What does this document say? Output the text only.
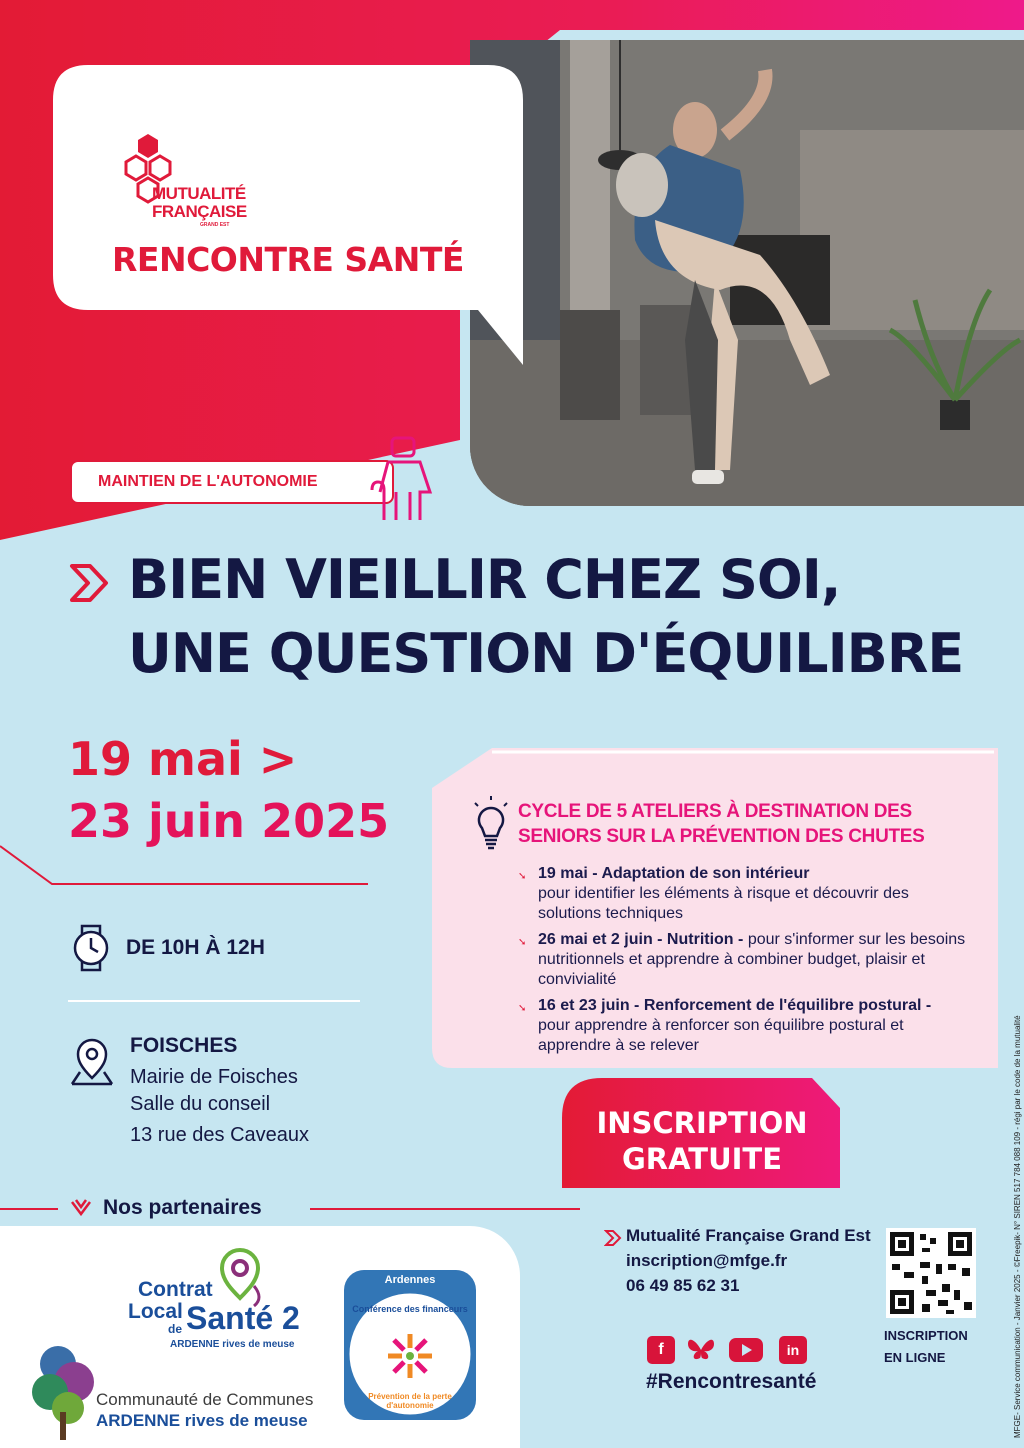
MUTUALITÉ
FRANÇAISE
GRAND EST
RENCONTRE SANTÉ
MAINTIEN DE L'AUTONOMIE
BIEN VIEILLIR CHEZ SOI,
UNE QUESTION D'ÉQUILIBRE
19 mai >
23 juin 2025
DE 10H À 12H
FOISCHES
Mairie de Foisches
Salle du conseil
13 rue des Caveaux
CYCLE DE 5 ATELIERS À DESTINATION DES
SENIORS SUR LA PRÉVENTION DES CHUTES
➘ 19 mai - Adaptation de son intérieur
pour identifier les éléments à risque et découvrir des solutions techniques
➘ 26 mai et 2 juin - Nutrition - pour s'informer sur les besoins nutritionnels et apprendre à combiner budget, plaisir et convivialité
➘ 16 et 23 juin - Renforcement de l'équilibre postural -
pour apprendre à renforcer son équilibre postural et apprendre à se relever
INSCRIPTION
GRATUITE
Nos partenaires
Contrat
Local
de Santé 2
ARDENNE rives de meuse
Communauté de Communes
ARDENNE rives de meuse
Ardennes
Conférence des financeurs
Prévention de la perte d'autonomie
Mutualité Française Grand Est
inscription@mfge.fr
06 49 85 62 31
INSCRIPTION
EN LIGNE
f	in
#Rencontresanté	MFGE- Service communication - Janvier 2025 - ©Freepik- N° SIREN 517 784 088 109 - régi par le code de la mutualité
